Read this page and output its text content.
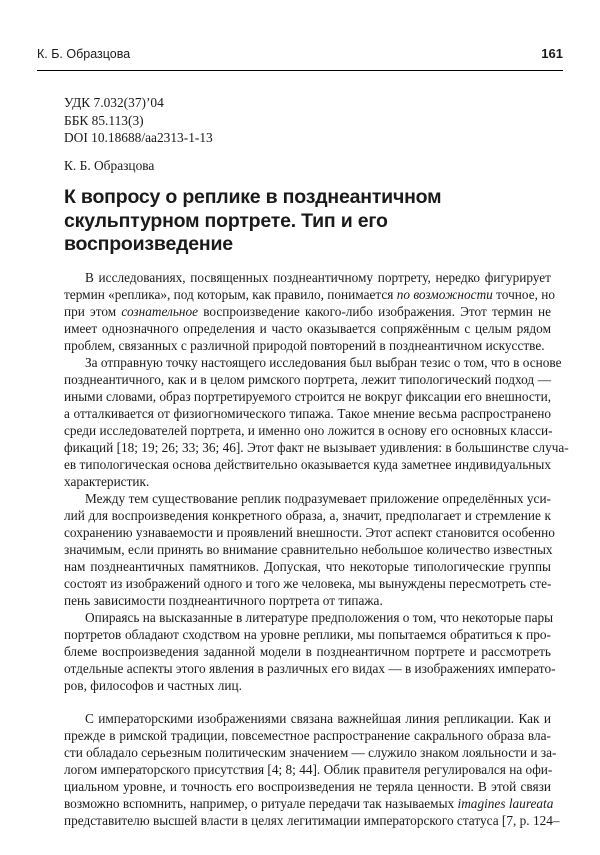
К. Б. Образцова	161
УДК 7.032(37)’04
ББК 85.113(3)
DOI 10.18688/aa2313-1-13
К. Б. Образцова
К вопросу о реплике в позднеантичном
скульптурном портрете. Тип и его
воспроизведение
В исследованиях, посвященных позднеантичному портрету, нередко фигурирует
термин «реплика», под которым, как правило, понимается по возможности точное, но
при этом сознательное воспроизведение какого-либо изображения. Этот термин не
имеет однозначного определения и часто оказывается сопряжённым с целым рядом
проблем, связанных с различной природой повторений в позднеантичном искусстве.
За отправную точку настоящего исследования был выбран тезис о том, что в основе
позднеантичного, как и в целом римского портрета, лежит типологический подход —
иными словами, образ портретируемого строится не вокруг фиксации его внешности,
а отталкивается от физиогномического типажа. Такое мнение весьма распространено
среди исследователей портрета, и именно оно ложится в основу его основных класси-
фикаций [18; 19; 26; 33; 36; 46]. Этот факт не вызывает удивления: в большинстве случа-
ев типологическая основа действительно оказывается куда заметнее индивидуальных
характеристик.
Между тем существование реплик подразумевает приложение определённых уси-
лий для воспроизведения конкретного образа, а, значит, предполагает и стремление к
сохранению узнаваемости и проявлений внешности. Этот аспект становится особенно
значимым, если принять во внимание сравнительно небольшое количество известных
нам позднеантичных памятников. Допуская, что некоторые типологические группы
состоят из изображений одного и того же человека, мы вынуждены пересмотреть сте-
пень зависимости позднеантичного портрета от типажа.
Опираясь на высказанные в литературе предположения о том, что некоторые пары
портретов обладают сходством на уровне реплики, мы попытаемся обратиться к про-
блеме воспроизведения заданной модели в позднеантичном портрете и рассмотреть
отдельные аспекты этого явления в различных его видах — в изображениях императо-
ров, философов и частных лиц.
С императорскими изображениями связана важнейшая линия репликации. Как и
прежде в римской традиции, повсеместное распространение сакрального образа вла-
сти обладало серьезным политическим значением — служило знаком лояльности и за-
логом императорского присутствия [4; 8; 44]. Облик правителя регулировался на офи-
циальном уровне, и точность его воспроизведения не теряла ценности. В этой связи
возможно вспомнить, например, о ритуале передачи так называемых imagines laureata
представителю высшей власти в целях легитимации императорского статуса [7, р. 124–
